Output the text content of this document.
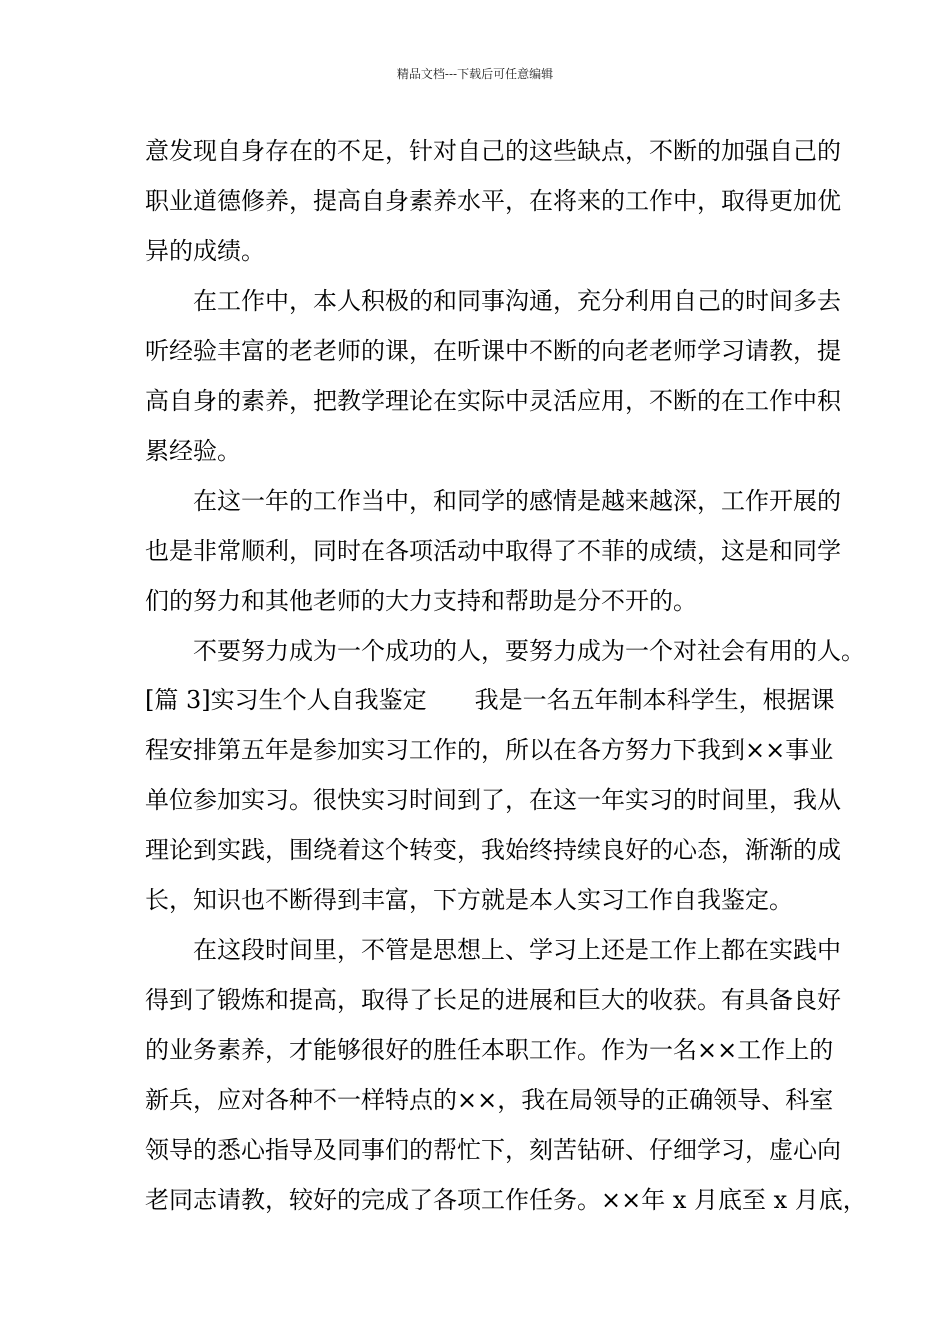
精品文档---下载后可任意编辑
意发现自身存在的不足，针对自己的这些缺点，不断的加强自己的
职业道德修养，提高自身素养水平，在将来的工作中，取得更加优
异的成绩。
　　在工作中，本人积极的和同事沟通，充分利用自己的时间多去
听经验丰富的老老师的课，在听课中不断的向老老师学习请教，提
高自身的素养，把教学理论在实际中灵活应用，不断的在工作中积
累经验。
　　在这一年的工作当中，和同学的感情是越来越深，工作开展的
也是非常顺利，同时在各项活动中取得了不菲的成绩，这是和同学
们的努力和其他老师的大力支持和帮助是分不开的。
　　不要努力成为一个成功的人，要努力成为一个对社会有用的人。
[篇 3]实习生个人自我鉴定　　我是一名五年制本科学生，根据课
程安排第五年是参加实习工作的，所以在各方努力下我到××事业
单位参加实习。很快实习时间到了，在这一年实习的时间里，我从
理论到实践，围绕着这个转变，我始终持续良好的心态，渐渐的成
长，知识也不断得到丰富，下方就是本人实习工作自我鉴定。
　　在这段时间里，不管是思想上、学习上还是工作上都在实践中
得到了锻炼和提高，取得了长足的进展和巨大的收获。有具备良好
的业务素养，才能够很好的胜任本职工作。作为一名××工作上的
新兵，应对各种不一样特点的××，我在局领导的正确领导、科室
领导的悉心指导及同事们的帮忙下，刻苦钻研、仔细学习，虚心向
老同志请教，较好的完成了各项工作任务。××年 x 月底至 x 月底，
